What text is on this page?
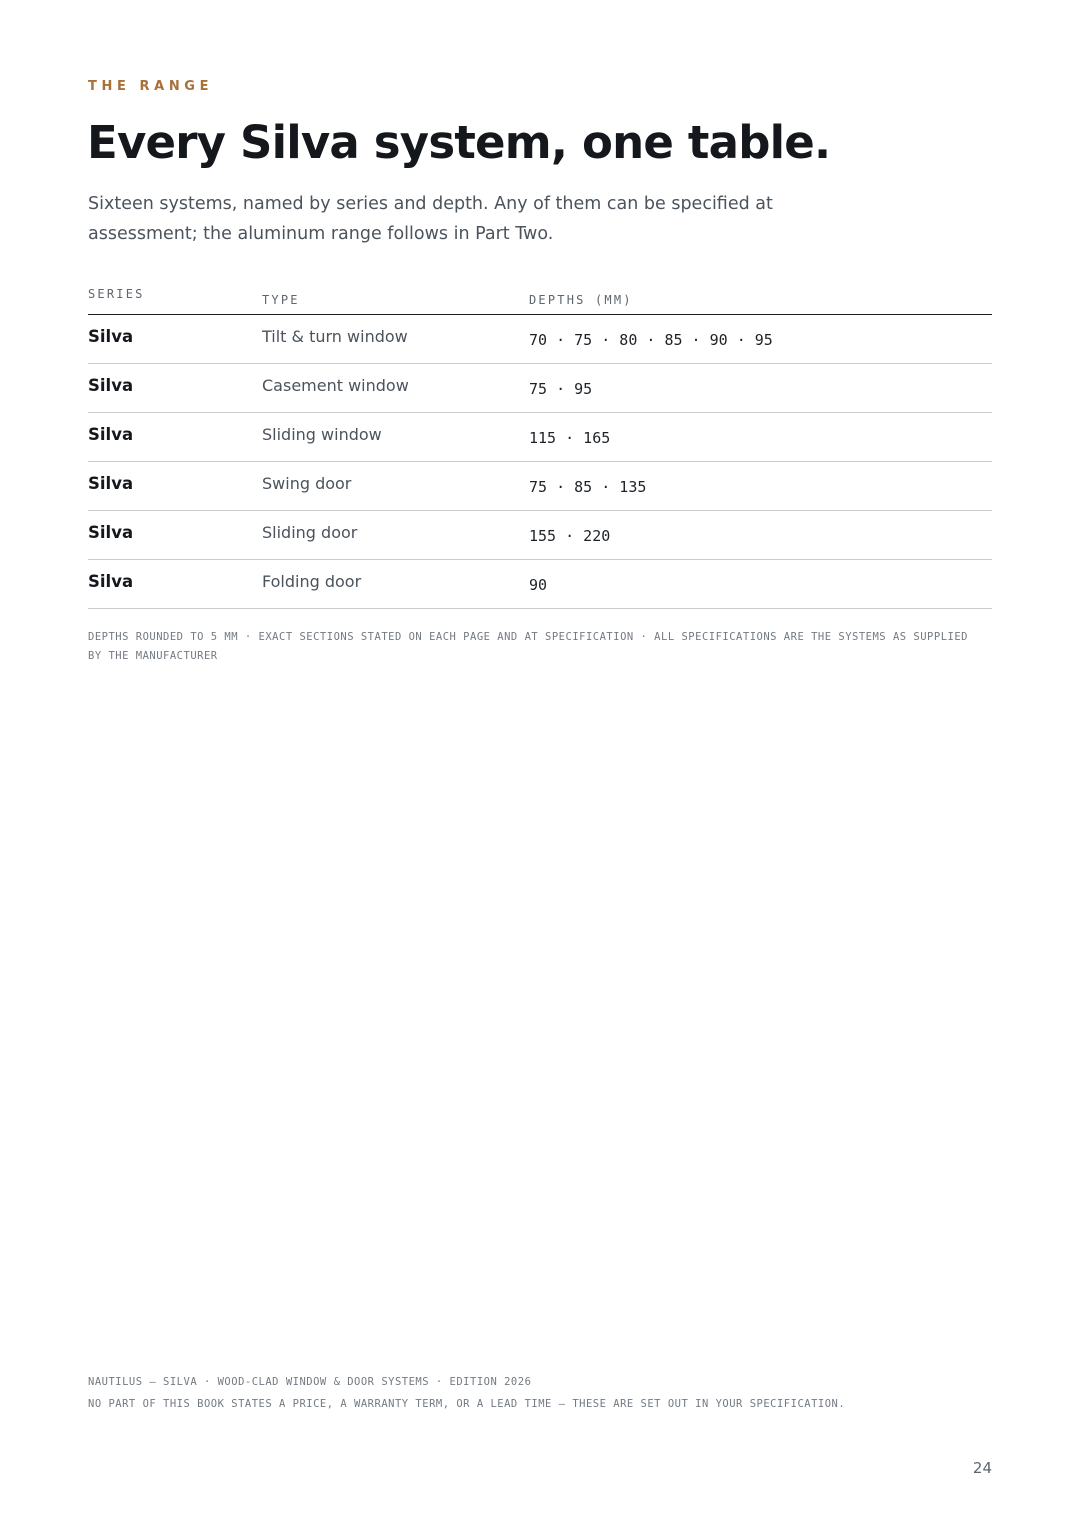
THE RANGE
Every Silva system, one table.

Sixteen systems, named by series and depth. Any of them can be specified at assessment; the aluminum range follows in Part Two.

SERIES	TYPE	DEPTHS (MM)
Silva	Tilt & turn window	70 · 75 · 80 · 85 · 90 · 95
Silva	Casement window	75 · 95
Silva	Sliding window	115 · 165
Silva	Swing door	75 · 85 · 135
Silva	Sliding door	155 · 220
Silva	Folding door	90

DEPTHS ROUNDED TO 5 MM · EXACT SECTIONS STATED ON EACH PAGE AND AT SPECIFICATION · ALL SPECIFICATIONS ARE THE SYSTEMS AS SUPPLIED BY THE MANUFACTURER

NAUTILUS — SILVA · WOOD-CLAD WINDOW & DOOR SYSTEMS · EDITION 2026
NO PART OF THIS BOOK STATES A PRICE, A WARRANTY TERM, OR A LEAD TIME — THESE ARE SET OUT IN YOUR SPECIFICATION.
24
